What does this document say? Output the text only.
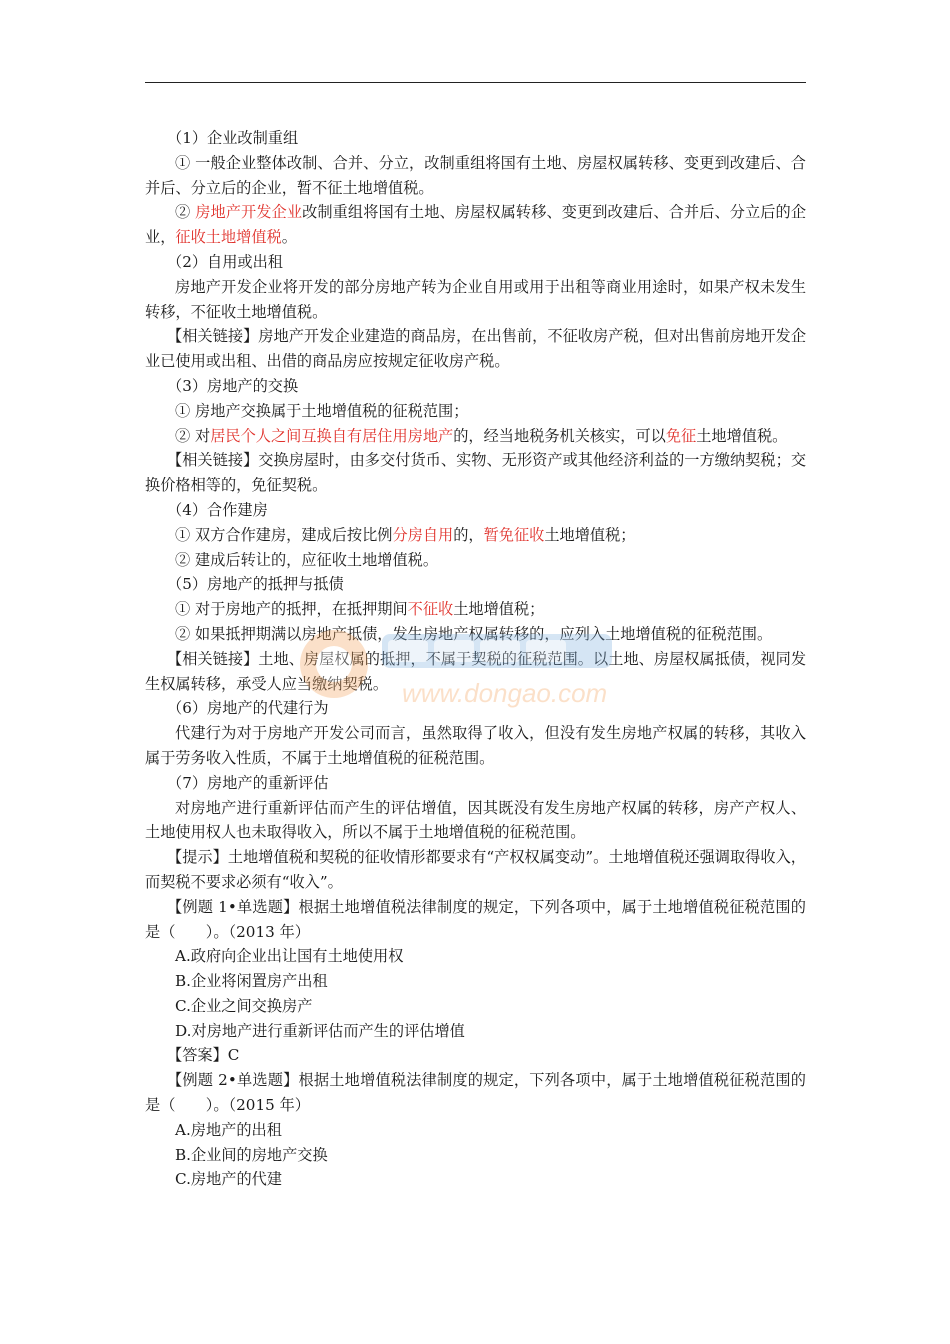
（1）企业改制重组

① 一般企业整体改制、合并、分立，改制重组将国有土地、房屋权属转移、变更到改建后、合并后、分立后的企业，暂不征土地增值税。

② 房地产开发企业改制重组将国有土地、房屋权属转移、变更到改建后、合并后、分立后的企业，征收土地增值税。

（2）自用或出租

房地产开发企业将开发的部分房地产转为企业自用或用于出租等商业用途时，如果产权未发生转移，不征收土地增值税。

【相关链接】房地产开发企业建造的商品房，在出售前，不征收房产税，但对出售前房地开发企业已使用或出租、出借的商品房应按规定征收房产税。

（3）房地产的交换

① 房地产交换属于土地增值税的征税范围；

② 对居民个人之间互换自有居住用房地产的，经当地税务机关核实，可以免征土地增值税。

【相关链接】交换房屋时，由多交付货币、实物、无形资产或其他经济利益的一方缴纳契税；交换价格相等的，免征契税。

（4）合作建房

① 双方合作建房，建成后按比例分房自用的，暂免征收土地增值税；

② 建成后转让的，应征收土地增值税。

（5）房地产的抵押与抵债

① 对于房地产的抵押，在抵押期间不征收土地增值税；

② 如果抵押期满以房地产抵债，发生房地产权属转移的，应列入土地增值税的征税范围。

【相关链接】土地、房屋权属的抵押，不属于契税的征税范围。以土地、房屋权属抵债，视同发生权属转移，承受人应当缴纳契税。

（6）房地产的代建行为

代建行为对于房地产开发公司而言，虽然取得了收入，但没有发生房地产权属的转移，其收入属于劳务收入性质，不属于土地增值税的征税范围。

（7）房地产的重新评估

对房地产进行重新评估而产生的评估增值，因其既没有发生房地产权属的转移，房产产权人、土地使用权人也未取得收入，所以不属于土地增值税的征税范围。

【提示】土地增值税和契税的征收情形都要求有“产权权属变动”。土地增值税还强调取得收入，而契税不要求必须有“收入”。

【例题 1•单选题】根据土地增值税法律制度的规定，下列各项中，属于土地增值税征税范围的是（　　）。（2013 年）

A.政府向企业出让国有土地使用权

B.企业将闲置房产出租

C.企业之间交换房产

D.对房地产进行重新评估而产生的评估增值

【答案】C

【例题 2•单选题】根据土地增值税法律制度的规定，下列各项中，属于土地增值税征税范围的是（　　）。（2015 年）

A.房地产的出租

B.企业间的房地产交换

C.房地产的代建

www.dongao.com
